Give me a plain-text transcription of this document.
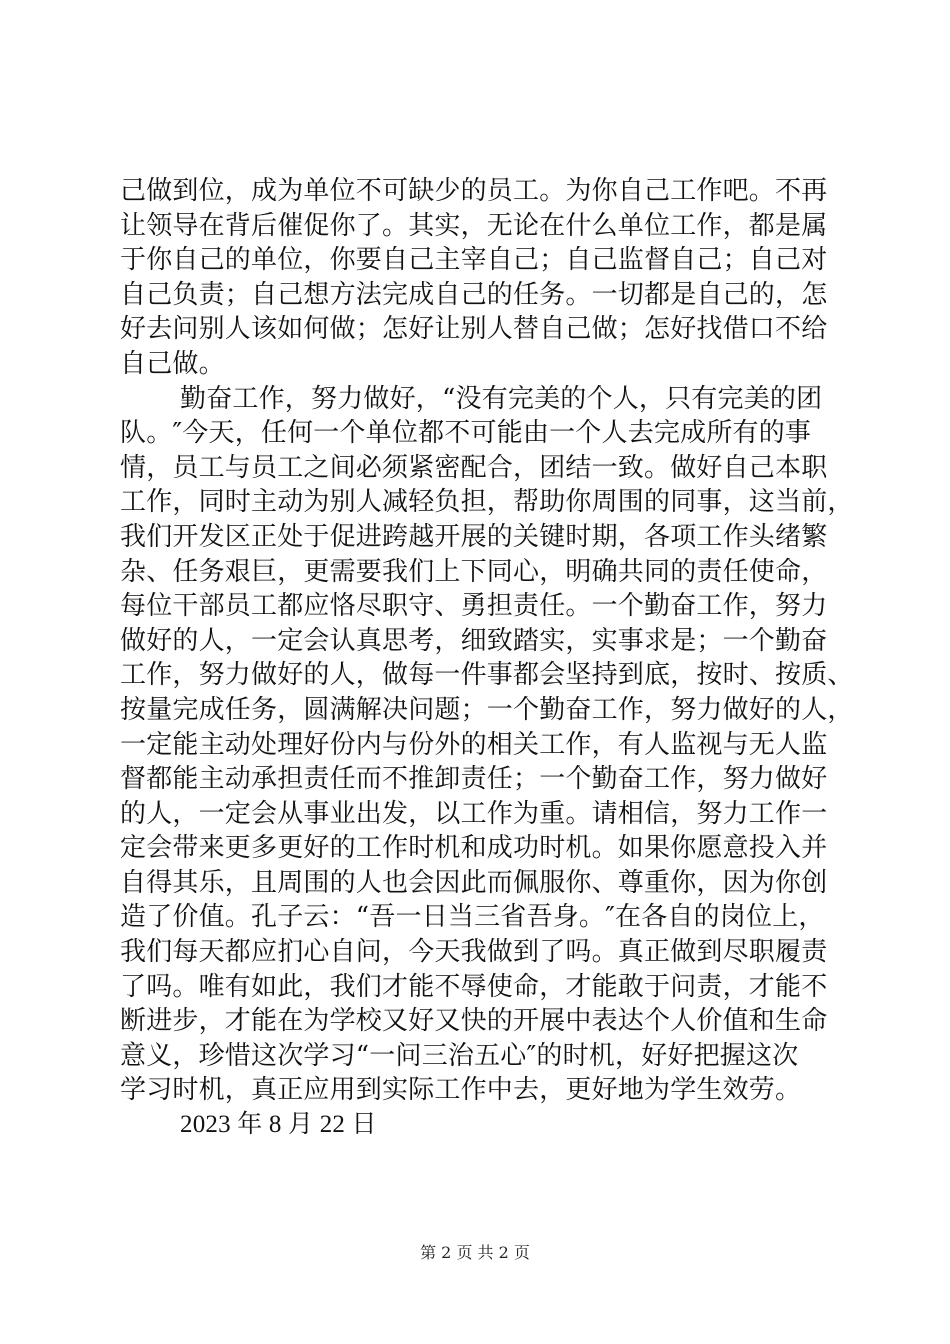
己做到位，成为单位不可缺少的员工。为你自己工作吧。不再
让领导在背后催促你了。其实，无论在什么单位工作，都是属
于你自己的单位，你要自己主宰自己；自己监督自己；自己对
自己负责；自己想方法完成自己的任务。一切都是自己的，怎
好去问别人该如何做；怎好让别人替自己做；怎好找借口不给
自己做。
勤奋工作，努力做好，“没有完美的个人，只有完美的团
队。″今天，任何一个单位都不可能由一个人去完成所有的事
情，员工与员工之间必须紧密配合，团结一致。做好自己本职
工作，同时主动为别人减轻负担，帮助你周围的同事，这当前，
我们开发区正处于促进跨越开展的关键时期，各项工作头绪繁
杂、任务艰巨，更需要我们上下同心，明确共同的责任使命，
每位干部员工都应恪尽职守、勇担责任。一个勤奋工作，努力
做好的人，一定会认真思考，细致踏实，实事求是；一个勤奋
工作，努力做好的人，做每一件事都会坚持到底，按时、按质、
按量完成任务，圆满解决问题；一个勤奋工作，努力做好的人，
一定能主动处理好份内与份外的相关工作，有人监视与无人监
督都能主动承担责任而不推卸责任；一个勤奋工作，努力做好
的人，一定会从事业出发，以工作为重。请相信，努力工作一
定会带来更多更好的工作时机和成功时机。如果你愿意投入并
自得其乐，且周围的人也会因此而佩服你、尊重你，因为你创
造了价值。孔子云：“吾一日当三省吾身。″在各自的岗位上，
我们每天都应扪心自问，今天我做到了吗。真正做到尽职履责
了吗。唯有如此，我们才能不辱使命，才能敢于问责，才能不
断进步，才能在为学校又好又快的开展中表达个人价值和生命
意义，珍惜这次学习“一问三治五心″的时机，好好把握这次
学习时机，真正应用到实际工作中去，更好地为学生效劳。
2023 年 8 月 22 日
第 2 页 共 2 页
